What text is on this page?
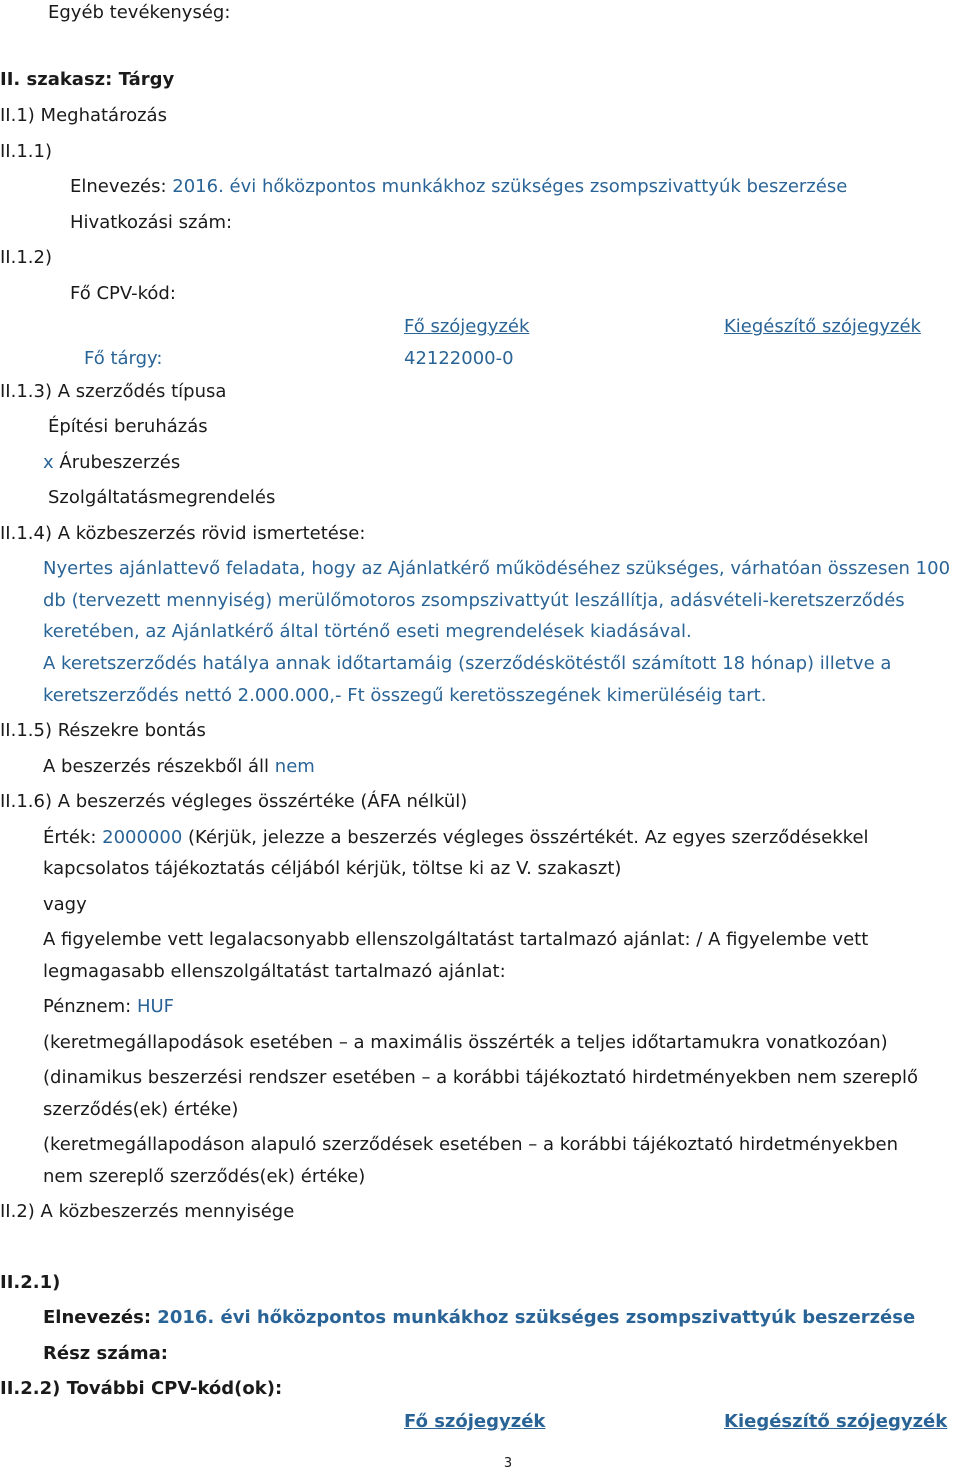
Egyéb tevékenység:
II. szakasz: Tárgy
II.1) Meghatározás
II.1.1)
Elnevezés: 2016. évi hőközpontos munkákhoz szükséges zsompszivattyúk beszerzése
Hivatkozási szám:
II.1.2)
Fő CPV-kód:
Fő szójegyzék	Kiegészítő szójegyzék
Fő tárgy:	42122000-0
II.1.3) A szerződés típusa
Építési beruházás
x Árubeszerzés
Szolgáltatásmegrendelés
II.1.4) A közbeszerzés rövid ismertetése:
Nyertes ajánlattevő feladata, hogy az Ajánlatkérő működéséhez szükséges, várhatóan összesen 100
db (tervezett mennyiség) merülőmotoros zsompszivattyút leszállítja, adásvételi-keretszerződés
keretében, az Ajánlatkérő által történő eseti megrendelések kiadásával.
A keretszerződés hatálya annak időtartamáig (szerződéskötéstől számított 18 hónap) illetve a
keretszerződés nettó 2.000.000,- Ft összegű keretösszegének kimerüléséig tart.
II.1.5) Részekre bontás
A beszerzés részekből áll nem
II.1.6) A beszerzés végleges összértéke (ÁFA nélkül)
Érték: 2000000 (Kérjük, jelezze a beszerzés végleges összértékét. Az egyes szerződésekkel
kapcsolatos tájékoztatás céljából kérjük, töltse ki az V. szakaszt)
vagy
A figyelembe vett legalacsonyabb ellenszolgáltatást tartalmazó ajánlat: / A figyelembe vett
legmagasabb ellenszolgáltatást tartalmazó ajánlat:
Pénznem: HUF
(keretmegállapodások esetében – a maximális összérték a teljes időtartamukra vonatkozóan)
(dinamikus beszerzési rendszer esetében – a korábbi tájékoztató hirdetményekben nem szereplő
szerződés(ek) értéke)
(keretmegállapodáson alapuló szerződések esetében – a korábbi tájékoztató hirdetményekben
nem szereplő szerződés(ek) értéke)
II.2) A közbeszerzés mennyisége
II.2.1)
Elnevezés: 2016. évi hőközpontos munkákhoz szükséges zsompszivattyúk beszerzése
Rész száma:
II.2.2) További CPV-kód(ok):
Fő szójegyzék	Kiegészítő szójegyzék
3
